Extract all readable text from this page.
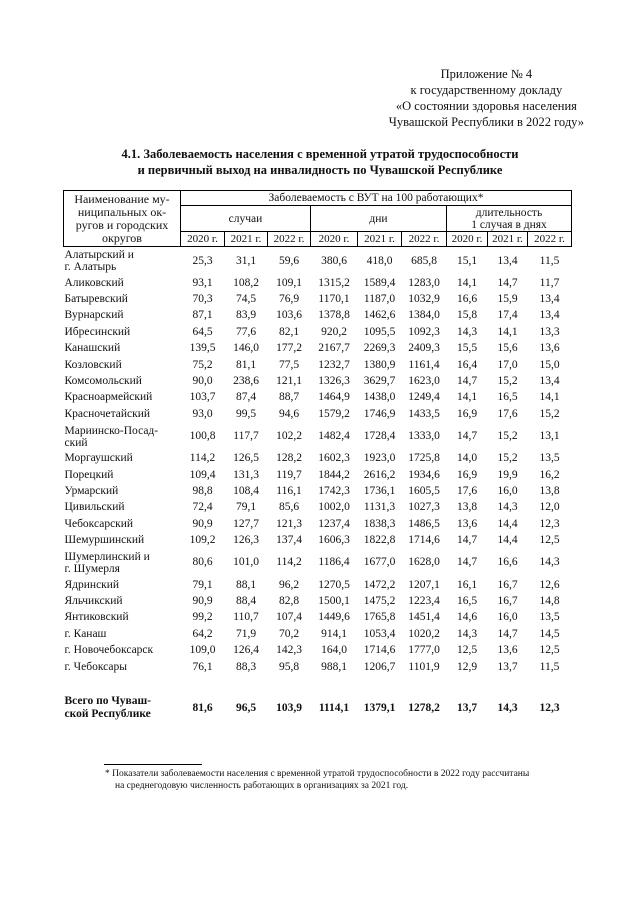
Приложение № 4
к государственному докладу
«О состоянии здоровья населения
Чувашской Республики в 2022 году»
4.1. Заболеваемость населения с временной утратой трудоспособности
и первичный выход на инвалидность по Чувашской Республике
Наименование му-
ниципальных ок-
ругов и городских
округов	Заболеваемость с ВУТ на 100 работающих*								
	случаи			дни			длительность
1 случая в днях		

	2020 г.	2021 г.	2022 г.	2020 г.	2021 г.	2022 г.	2020 г.	2021 г.	2022 г.

Алатырский и
г. Алатырь	25,3	31,1	59,6	380,6	418,0	685,8	15,1	13,4	11,5

Аликовский	93,1	108,2	109,1	1315,2	1589,4	1283,0	14,1	14,7	11,7

Батыревский	70,3	74,5	76,9	1170,1	1187,0	1032,9	16,6	15,9	13,4

Вурнарский	87,1	83,9	103,6	1378,8	1462,6	1384,0	15,8	17,4	13,4

Ибресинский	64,5	77,6	82,1	920,2	1095,5	1092,3	14,3	14,1	13,3

Канашский	139,5	146,0	177,2	2167,7	2269,3	2409,3	15,5	15,6	13,6

Козловский	75,2	81,1	77,5	1232,7	1380,9	1161,4	16,4	17,0	15,0

Комсомольский	90,0	238,6	121,1	1326,3	3629,7	1623,0	14,7	15,2	13,4

Красноармейский	103,7	87,4	88,7	1464,9	1438,0	1249,4	14,1	16,5	14,1

Красночетайский	93,0	99,5	94,6	1579,2	1746,9	1433,5	16,9	17,6	15,2

Мариинско-Посад-
ский	100,8	117,7	102,2	1482,4	1728,4	1333,0	14,7	15,2	13,1

Моргаушский	114,2	126,5	128,2	1602,3	1923,0	1725,8	14,0	15,2	13,5

Порецкий	109,4	131,3	119,7	1844,2	2616,2	1934,6	16,9	19,9	16,2

Урмарский	98,8	108,4	116,1	1742,3	1736,1	1605,5	17,6	16,0	13,8

Цивильский	72,4	79,1	85,6	1002,0	1131,3	1027,3	13,8	14,3	12,0

Чебоксарский	90,9	127,7	121,3	1237,4	1838,3	1486,5	13,6	14,4	12,3

Шемуршинский	109,2	126,3	137,4	1606,3	1822,8	1714,6	14,7	14,4	12,5

Шумерлинский и
г. Шумерля	80,6	101,0	114,2	1186,4	1677,0	1628,0	14,7	16,6	14,3

Ядринский	79,1	88,1	96,2	1270,5	1472,2	1207,1	16,1	16,7	12,6

Яльчикский	90,9	88,4	82,8	1500,1	1475,2	1223,4	16,5	16,7	14,8

Янтиковский	99,2	110,7	107,4	1449,6	1765,8	1451,4	14,6	16,0	13,5

г. Канаш	64,2	71,9	70,2	914,1	1053,4	1020,2	14,3	14,7	14,5

г. Новочебоксарск	109,0	126,4	142,3	164,0	1714,6	1777,0	12,5	13,6	12,5

г. Чебоксары	76,1	88,3	95,8	988,1	1206,7	1101,9	12,9	13,7	11,5

Всего по Чуваш-
ской Республике	81,6	96,5	103,9	1114,1	1379,1	1278,2	13,7	14,3	12,3
* Показатели заболеваемости населения с временной утратой трудоспособности в 2022 году рассчитаны
на среднегодовую численность работающих в организациях за 2021 год.
